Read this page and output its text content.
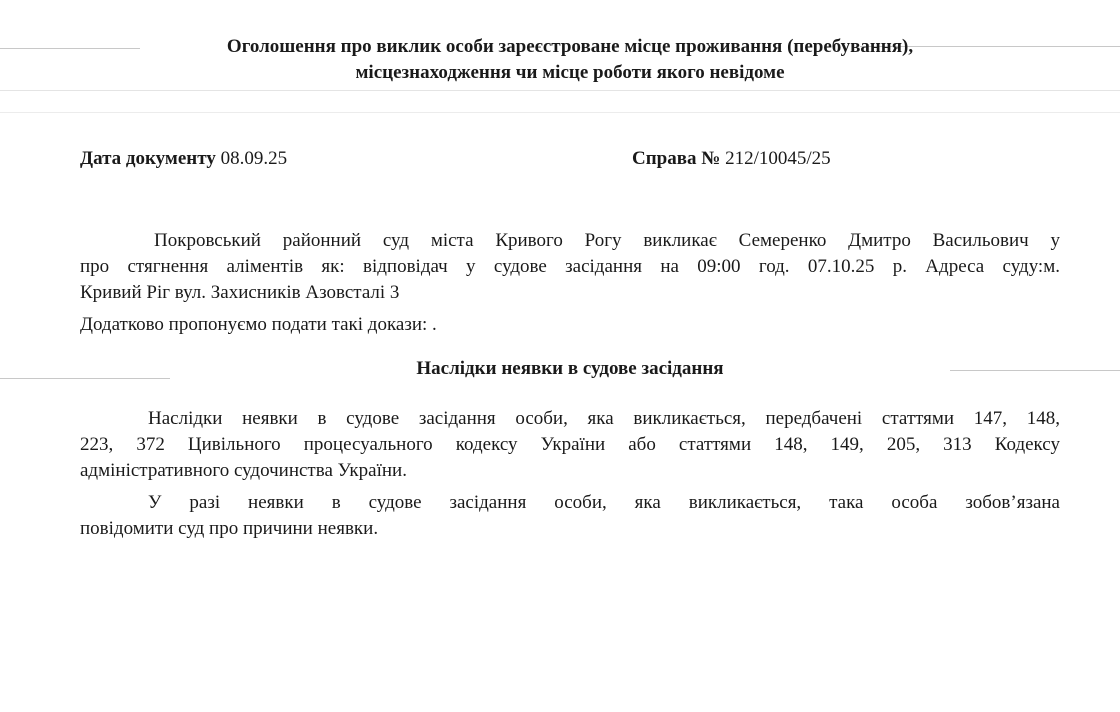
Оголошення про виклик особи зареєстроване місце проживання (перебування),
місцезнаходження чи місце роботи якого невідоме
Дата документу 08.09.25	Справа № 212/10045/25
Покровський районний суд міста Кривого Рогу викликає Семеренко Дмитро Васильович у
про стягнення аліментів як: відповідач у судове засідання на 09:00 год. 07.10.25 р. Адреса суду:м.
Кривий Ріг вул. Захисників Азовсталі 3
Додатково пропонуємо подати такі докази: .
Наслідки неявки в судове засідання
Наслідки неявки в судове засідання особи, яка викликається, передбачені статтями 147, 148,
223, 372 Цивільного процесуального кодексу України або статтями 148, 149, 205, 313 Кодексу
адміністративного судочинства України.
У разі неявки в судове засідання особи, яка викликається, така особа зобов’язана
повідомити суд про причини неявки.
